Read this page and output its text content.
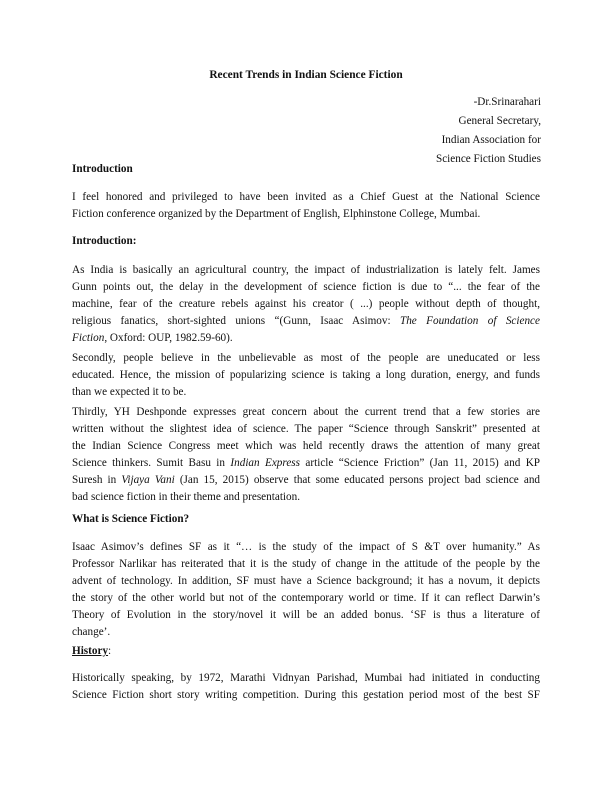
Recent Trends in Indian Science Fiction
-Dr.Srinarahari
General Secretary,
Indian Association for
Science Fiction Studies
Introduction
I feel honored and privileged to have been invited as a Chief Guest at the National Science
Fiction conference organized by the Department of English, Elphinstone College, Mumbai.
Introduction:
As India is basically an agricultural country, the impact of industrialization is lately felt. James
Gunn points out, the delay in the development of science fiction is due to “... the fear of the
machine, fear of the creature rebels against his creator ( ...) people without depth of thought,
religious fanatics, short-sighted unions “(Gunn, Isaac Asimov: The Foundation of Science
Fiction, Oxford: OUP, 1982.59-60).
Secondly, people believe in the unbelievable as most of the people are uneducated or less
educated. Hence, the mission of popularizing science is taking a long duration, energy, and funds
than we expected it to be.
Thirdly, YH Deshponde expresses great concern about the current trend that a few stories are
written without the slightest idea of science. The paper “Science through Sanskrit” presented at
the Indian Science Congress meet which was held recently draws the attention of many great
Science thinkers. Sumit Basu in Indian Express article “Science Friction” (Jan 11, 2015) and KP
Suresh in Vijaya Vani (Jan 15, 2015) observe that some educated persons project bad science and
bad science fiction in their theme and presentation.
What is Science Fiction?
Isaac Asimov’s defines SF as it “… is the study of the impact of S &T over humanity.” As
Professor Narlikar has reiterated that it is the study of change in the attitude of the people by the
advent of technology. In addition, SF must have a Science background; it has a novum, it depicts
the story of the other world but not of the contemporary world or time. If it can reflect Darwin’s
Theory of Evolution in the story/novel it will be an added bonus. ‘SF is thus a literature of
change’.
History:
Historically speaking, by 1972, Marathi Vidnyan Parishad, Mumbai had initiated in conducting
Science Fiction short story writing competition. During this gestation period most of the best SF
